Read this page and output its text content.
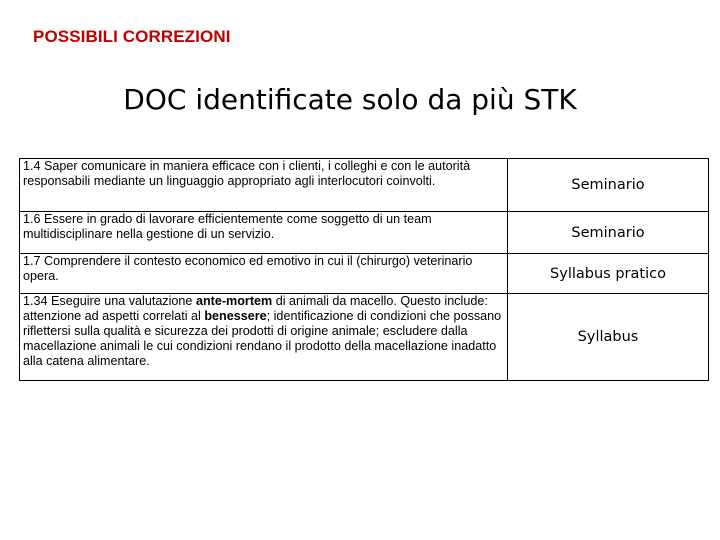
POSSIBILI CORREZIONI
DOC identificate solo da più STK
1.4 Saper comunicare in maniera efficace con i clienti, i colleghi e con le autorità responsabili mediante un linguaggio appropriato agli interlocutori coinvolti.	Seminario
1.6 Essere in grado di lavorare efficientemente come soggetto di un team multidisciplinare nella gestione di un servizio.	Seminario
1.7 Comprendere il contesto economico ed emotivo in cui il (chirurgo) veterinario opera.	Syllabus pratico
1.34 Eseguire una valutazione ante-mortem di animali da macello. Questo include: attenzione ad aspetti correlati al benessere; identificazione di condizioni che possano riflettersi sulla qualità e sicurezza dei prodotti di origine animale; escludere dalla macellazione animali le cui condizioni rendano il prodotto della macellazione inadatto alla catena alimentare.	Syllabus
